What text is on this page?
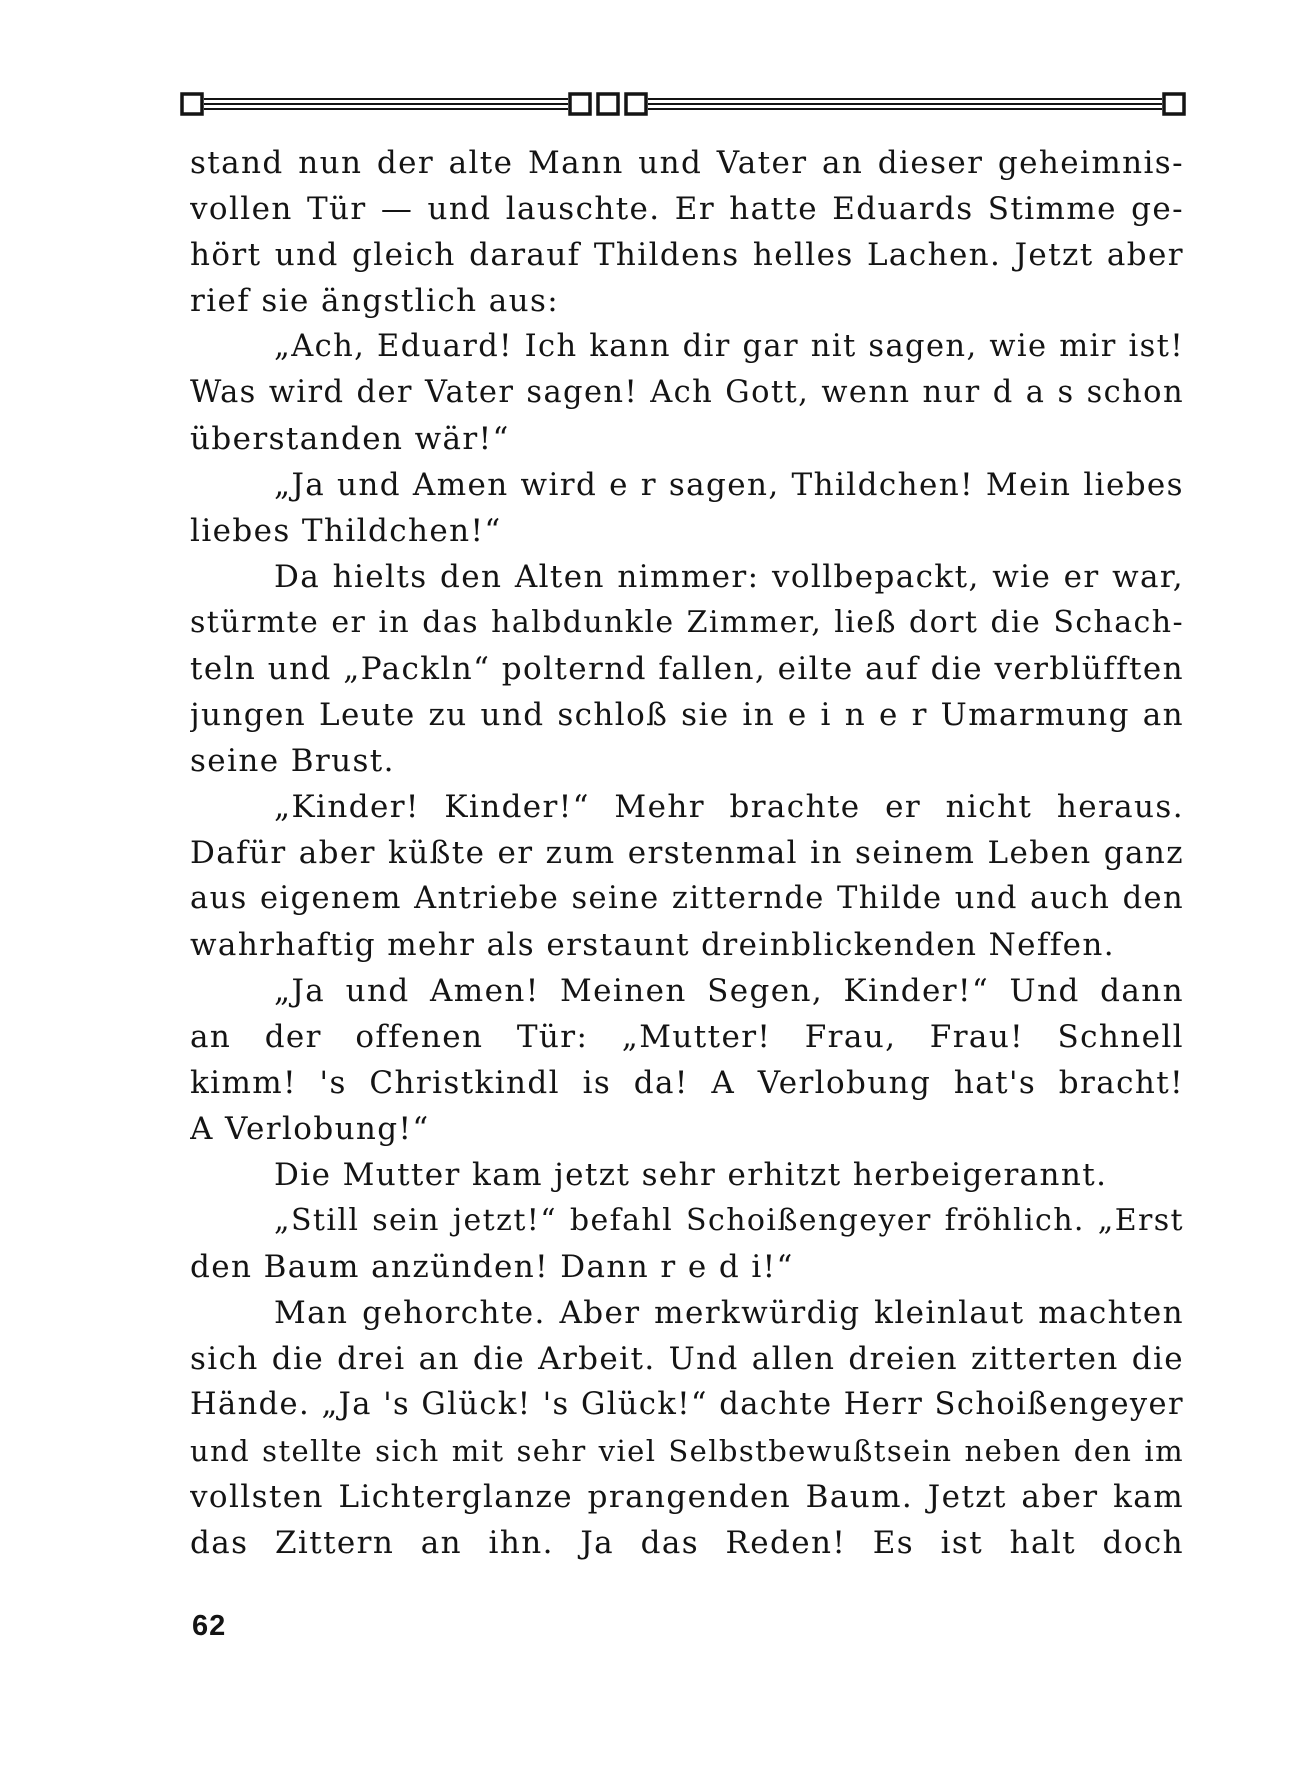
stand nun der alte Mann und Vater an dieser geheimnis-
vollen Tür — und lauschte. Er hatte Eduards Stimme ge-
hört und gleich darauf Thildens helles Lachen. Jetzt aber
rief sie ängstlich aus:
„Ach, Eduard! Ich kann dir gar nit sagen, wie mir ist!
Was wird der Vater sagen! Ach Gott, wenn nur d a s schon
überstanden wär!“
„Ja und Amen wird e r sagen, Thildchen! Mein liebes
liebes Thildchen!“
Da hielts den Alten nimmer: vollbepackt, wie er war,
stürmte er in das halbdunkle Zimmer, ließ dort die Schach-
teln und „Packln“ polternd fallen, eilte auf die verblüfften
jungen Leute zu und schloß sie in e i n e r Umarmung an
seine Brust.
„Kinder! Kinder!“ Mehr brachte er nicht heraus.
Dafür aber küßte er zum erstenmal in seinem Leben ganz
aus eigenem Antriebe seine zitternde Thilde und auch den
wahrhaftig mehr als erstaunt dreinblickenden Neffen.
„Ja und Amen! Meinen Segen, Kinder!“ Und dann
an der offenen Tür: „Mutter! Frau, Frau! Schnell
kimm! 's Christkindl is da! A Verlobung hat's bracht!
A Verlobung!“
Die Mutter kam jetzt sehr erhitzt herbeigerannt.
„Still sein jetzt!“ befahl Schoißengeyer fröhlich. „Erst
den Baum anzünden! Dann r e d i!“
Man gehorchte. Aber merkwürdig kleinlaut machten
sich die drei an die Arbeit. Und allen dreien zitterten die
Hände. „Ja 's Glück! 's Glück!“ dachte Herr Schoißengeyer
und stellte sich mit sehr viel Selbstbewußtsein neben den im
vollsten Lichterglanze prangenden Baum. Jetzt aber kam
das Zittern an ihn. Ja das Reden! Es ist halt doch
62
